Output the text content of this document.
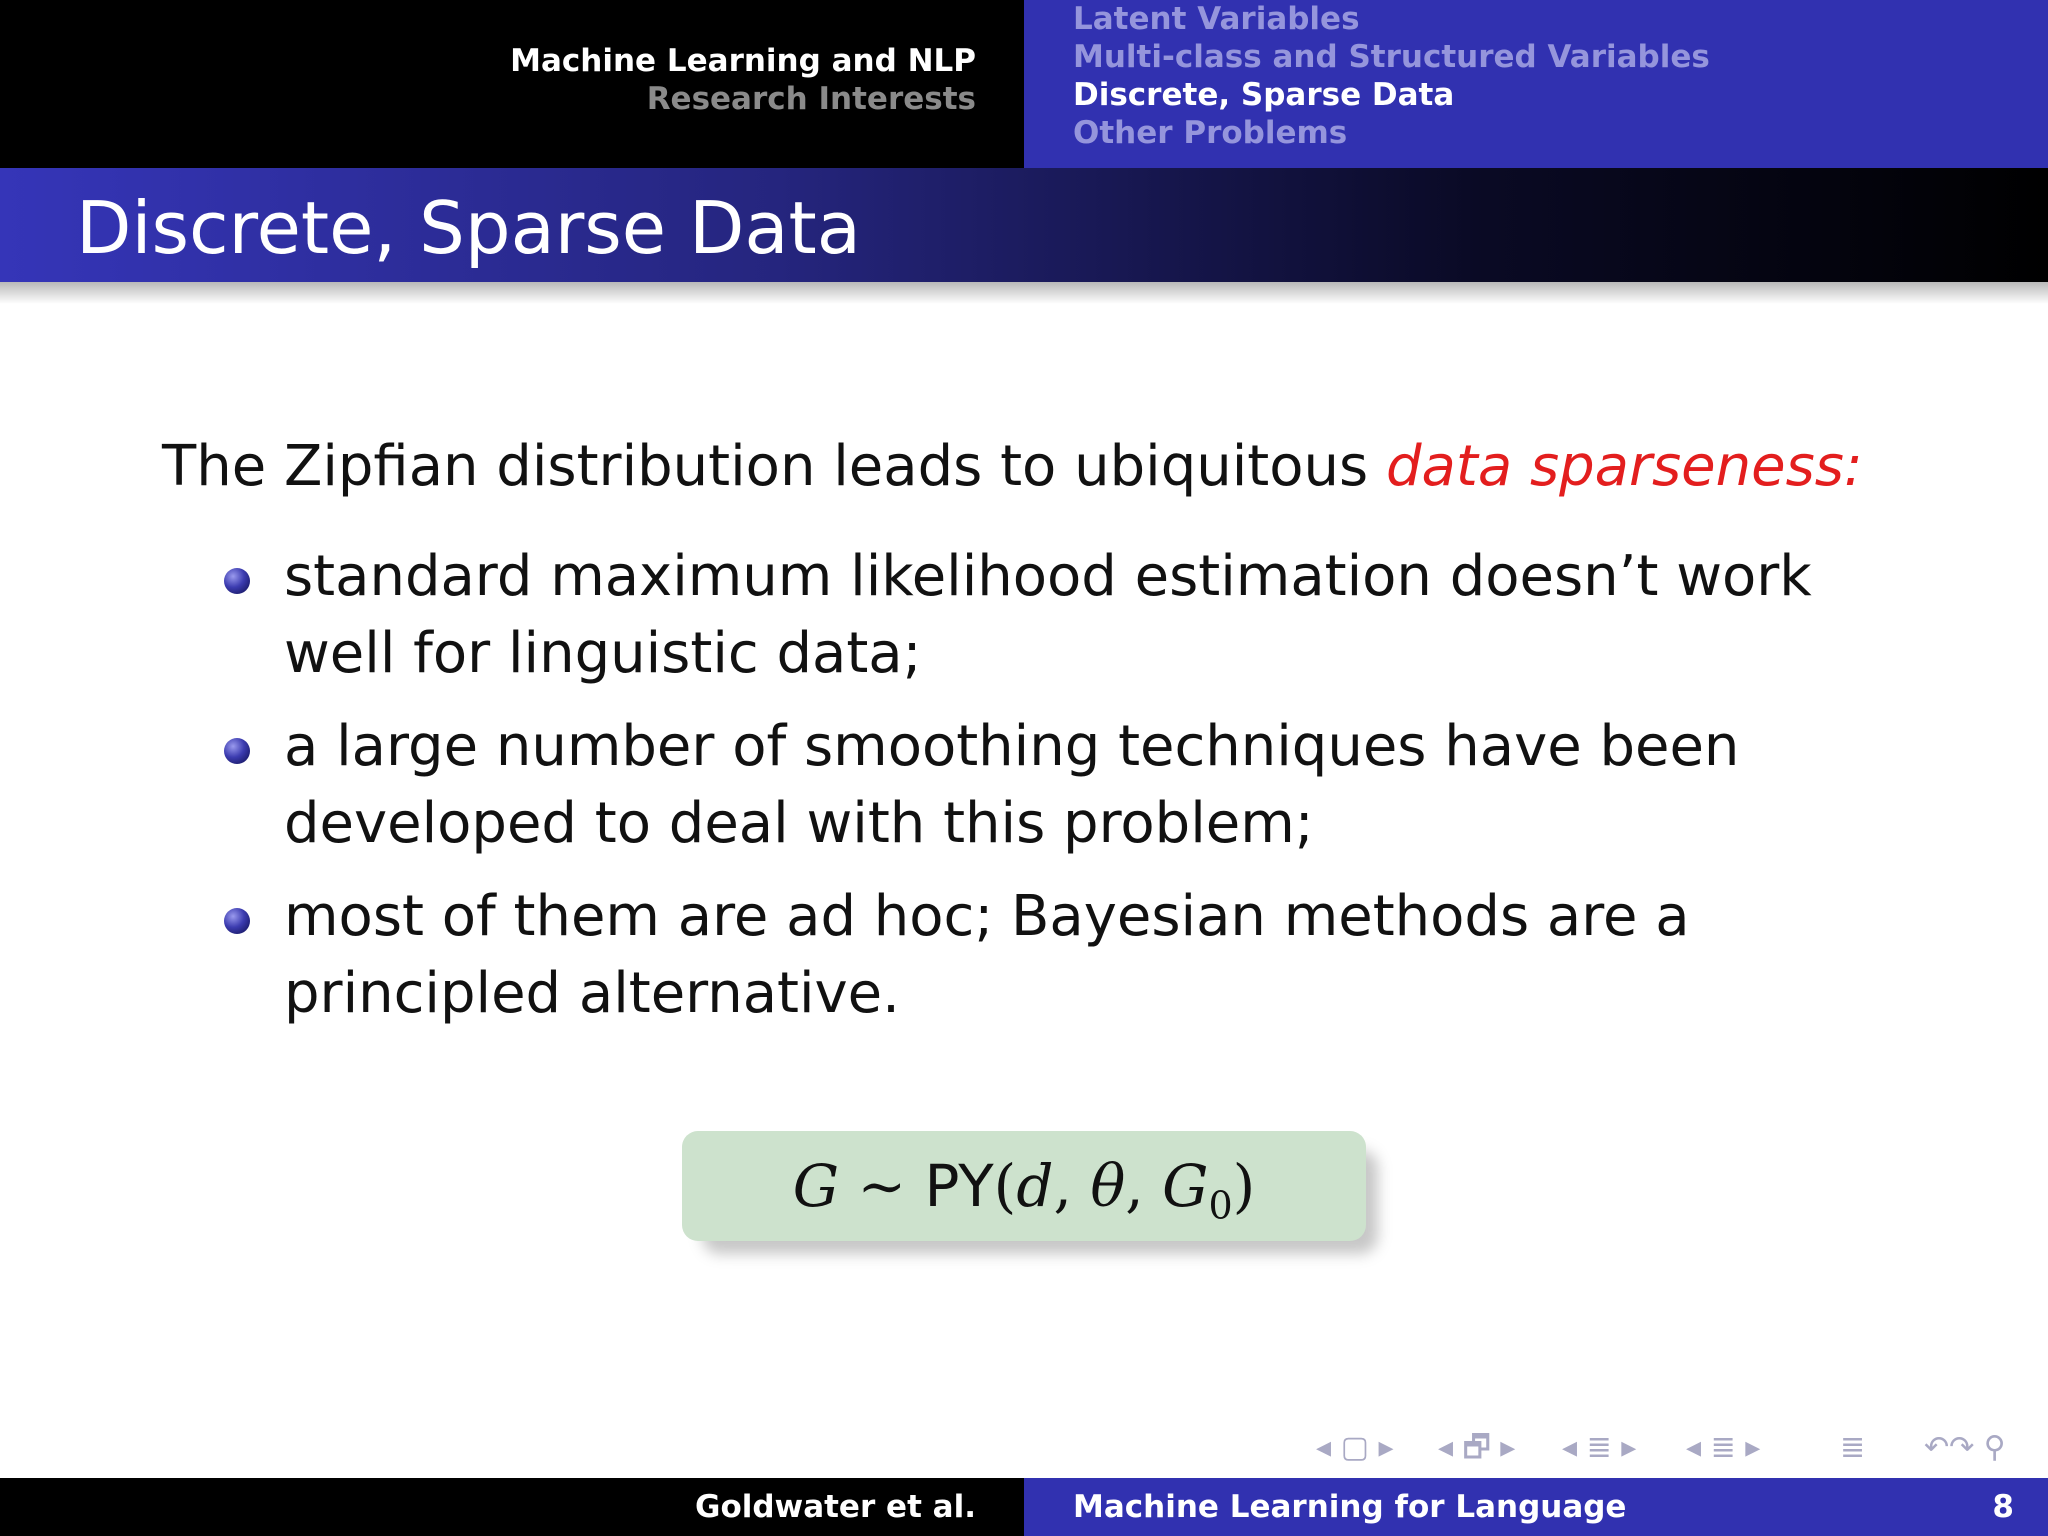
Machine Learning and NLP
Research Interests
Latent Variables
Multi-class and Structured Variables
Discrete, Sparse Data
Other Problems
Discrete, Sparse Data
The Zipfian distribution leads to ubiquitous data sparseness:
standard maximum likelihood estimation doesn’t work well for linguistic data;
a large number of smoothing techniques have been developed to deal with this problem;
most of them are ad hoc; Bayesian methods are a principled alternative.
G ∼ PY(d, θ, $G_0$)
◂ ▢ ▸ ◂ 🗗 ▸ ◂ ≣ ▸ ◂ ≣ ▸	≣ ↶↷ ⚲
Goldwater et al.	Machine Learning for Language	8
